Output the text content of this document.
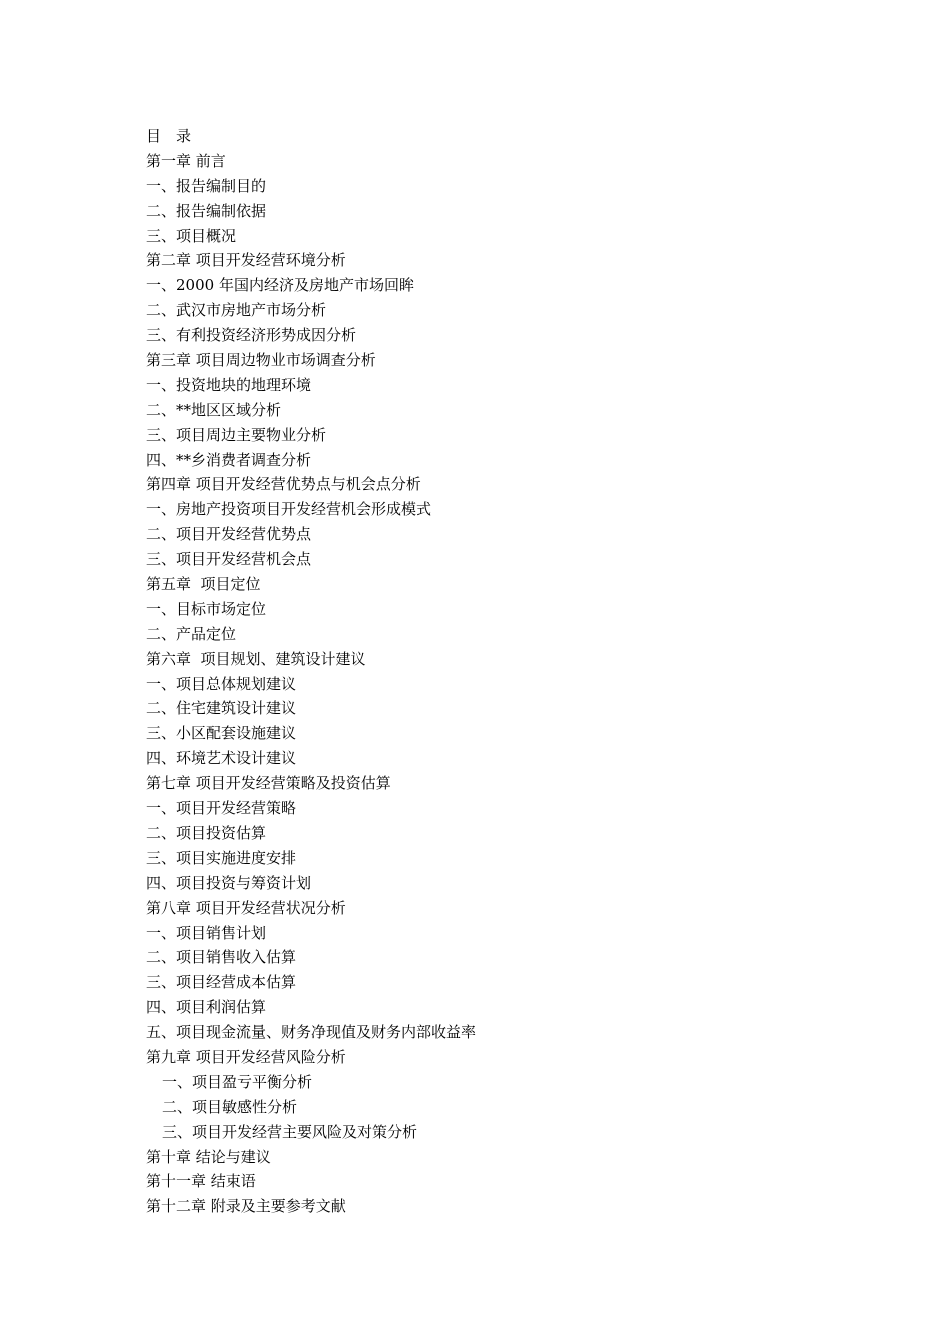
目　录
第一章 前言
一、报告编制目的
二、报告编制依据
三、项目概况
第二章 项目开发经营环境分析
一、2000 年国内经济及房地产市场回眸
二、武汉市房地产市场分析
三、有利投资经济形势成因分析
第三章 项目周边物业市场调查分析
一、投资地块的地理环境
二、**地区区域分析
三、项目周边主要物业分析
四、**乡消费者调查分析
第四章 项目开发经营优势点与机会点分析
一、房地产投资项目开发经营机会形成模式
二、项目开发经营优势点
三、项目开发经营机会点
第五章  项目定位
一、目标市场定位
二、产品定位
第六章  项目规划、建筑设计建议
一、项目总体规划建议
二、住宅建筑设计建议
三、小区配套设施建议
四、环境艺术设计建议
第七章 项目开发经营策略及投资估算
一、项目开发经营策略
二、项目投资估算
三、项目实施进度安排
四、项目投资与筹资计划
第八章 项目开发经营状况分析
一、项目销售计划
二、项目销售收入估算
三、项目经营成本估算
四、项目利润估算
五、项目现金流量、财务净现值及财务内部收益率
第九章 项目开发经营风险分析
一、项目盈亏平衡分析
二、项目敏感性分析
三、项目开发经营主要风险及对策分析
第十章 结论与建议
第十一章 结束语
第十二章 附录及主要参考文献
